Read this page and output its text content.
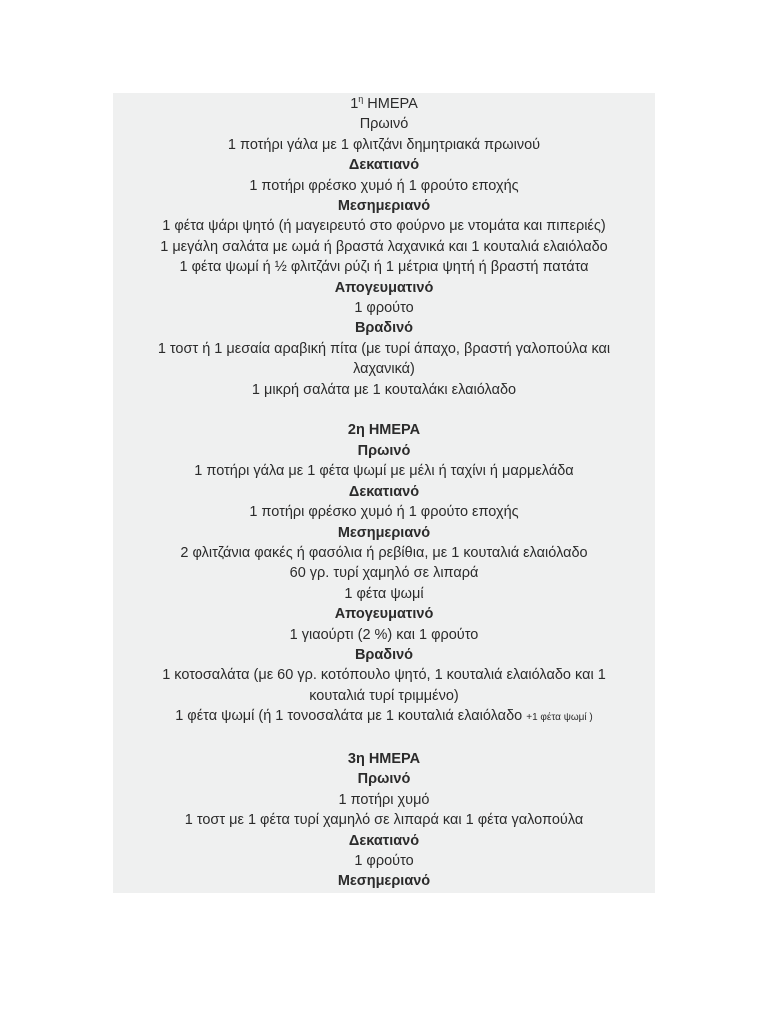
$1^\eta$ ΗΜΕΡΑ

Πρωινό

1 ποτήρι γάλα με 1 φλιτζάνι δημητριακά πρωινού

Δεκατιανό

1 ποτήρι φρέσκο χυμό ή 1 φρούτο εποχής

Μεσημεριανό

1 φέτα ψάρι ψητό (ή μαγειρευτό στο φούρνο με ντομάτα και πιπεριές)

1 μεγάλη σαλάτα με ωμά ή βραστά λαχανικά και 1 κουταλιά ελαιόλαδο

1 φέτα ψωμί ή ½ φλιτζάνι ρύζι ή 1 μέτρια ψητή ή βραστή πατάτα

Απογευματινό

1 φρούτο

Βραδινό

1 τοστ ή 1 μεσαία αραβική πίτα (με τυρί άπαχο, βραστή γαλοπούλα και

λαχανικά)

1 μικρή σαλάτα με 1 κουταλάκι ελαιόλαδο

2η ΗΜΕΡΑ

Πρωινό

1 ποτήρι γάλα με 1 φέτα ψωμί με μέλι ή ταχίνι ή μαρμελάδα

Δεκατιανό

1 ποτήρι φρέσκο χυμό ή 1 φρούτο εποχής

Μεσημεριανό

2 φλιτζάνια φακές ή φασόλια ή ρεβίθια, με 1 κουταλιά ελαιόλαδο

60 γρ. τυρί χαμηλό σε λιπαρά

1 φέτα ψωμί

Απογευματινό

1 γιαούρτι (2 %) και 1 φρούτο

Βραδινό

1 κοτοσαλάτα (με 60 γρ. κοτόπουλο ψητό, 1 κουταλιά ελαιόλαδο και 1

κουταλιά τυρί τριμμένο)

1 φέτα ψωμί (ή 1 τονοσαλάτα με 1 κουταλιά ελαιόλαδο +1 φέτα ψωμί )

3η ΗΜΕΡΑ

Πρωινό

1 ποτήρι χυμό

1 τοστ με 1 φέτα τυρί χαμηλό σε λιπαρά και 1 φέτα γαλοπούλα

Δεκατιανό

1 φρούτο

Μεσημεριανό
